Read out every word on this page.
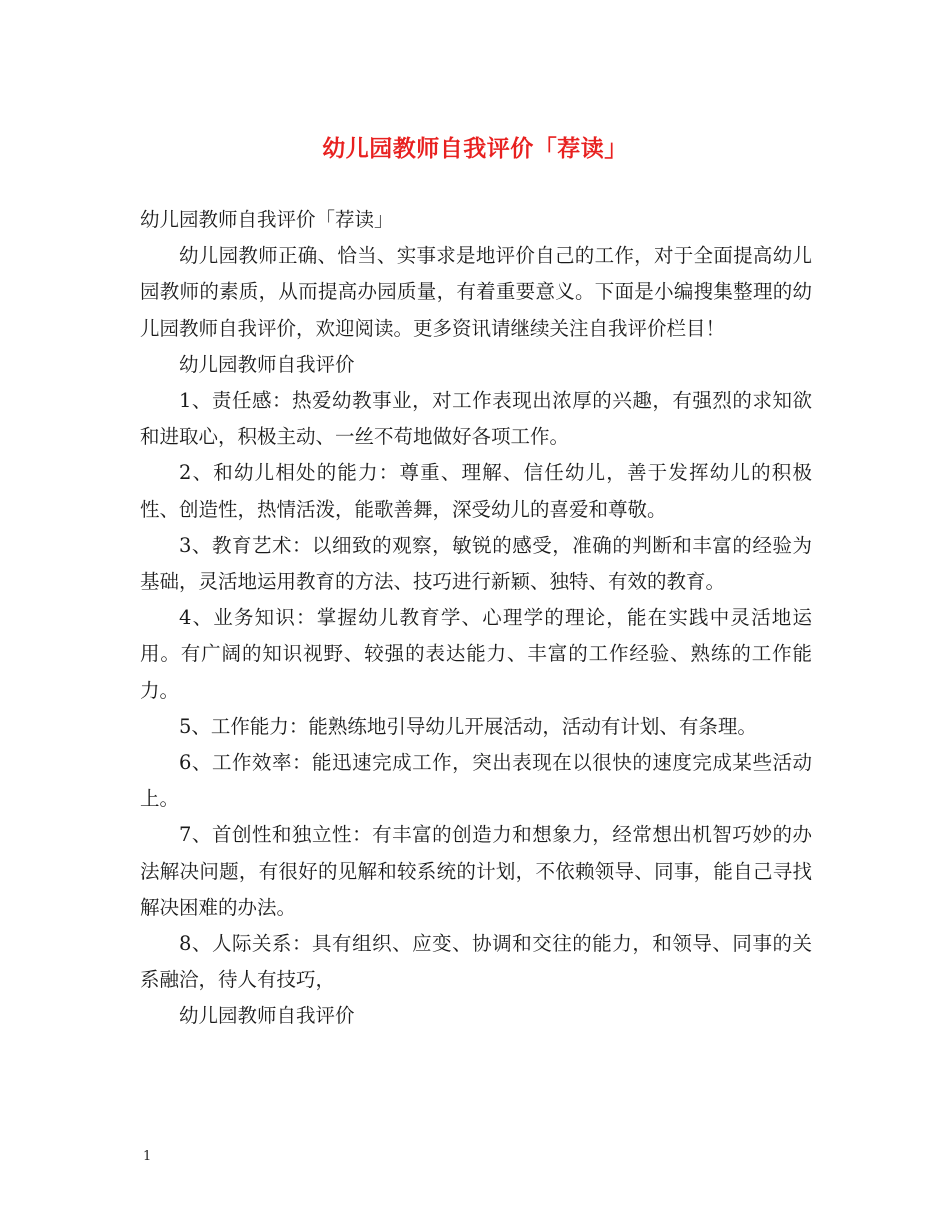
幼儿园教师自我评价「荐读」

幼儿园教师自我评价「荐读」

幼儿园教师正确、恰当、实事求是地评价自己的工作，对于全面提高幼儿园教师的素质，从而提高办园质量，有着重要意义。下面是小编搜集整理的幼儿园教师自我评价，欢迎阅读。更多资讯请继续关注自我评价栏目！

幼儿园教师自我评价

1、责任感：热爱幼教事业，对工作表现出浓厚的兴趣，有强烈的求知欲和进取心，积极主动、一丝不苟地做好各项工作。

2、和幼儿相处的能力：尊重、理解、信任幼儿，善于发挥幼儿的积极性、创造性，热情活泼，能歌善舞，深受幼儿的喜爱和尊敬。

3、教育艺术：以细致的观察，敏锐的感受，准确的判断和丰富的经验为基础，灵活地运用教育的方法、技巧进行新颖、独特、有效的教育。

4、业务知识：掌握幼儿教育学、心理学的理论，能在实践中灵活地运用。有广阔的知识视野、较强的表达能力、丰富的工作经验、熟练的工作能力。

5、工作能力：能熟练地引导幼儿开展活动，活动有计划、有条理。

6、工作效率：能迅速完成工作，突出表现在以很快的速度完成某些活动上。

7、首创性和独立性：有丰富的创造力和想象力，经常想出机智巧妙的办法解决问题，有很好的见解和较系统的计划，不依赖领导、同事，能自己寻找解决困难的办法。

8、人际关系：具有组织、应变、协调和交往的能力，和领导、同事的关系融洽，待人有技巧，

幼儿园教师自我评价

1
